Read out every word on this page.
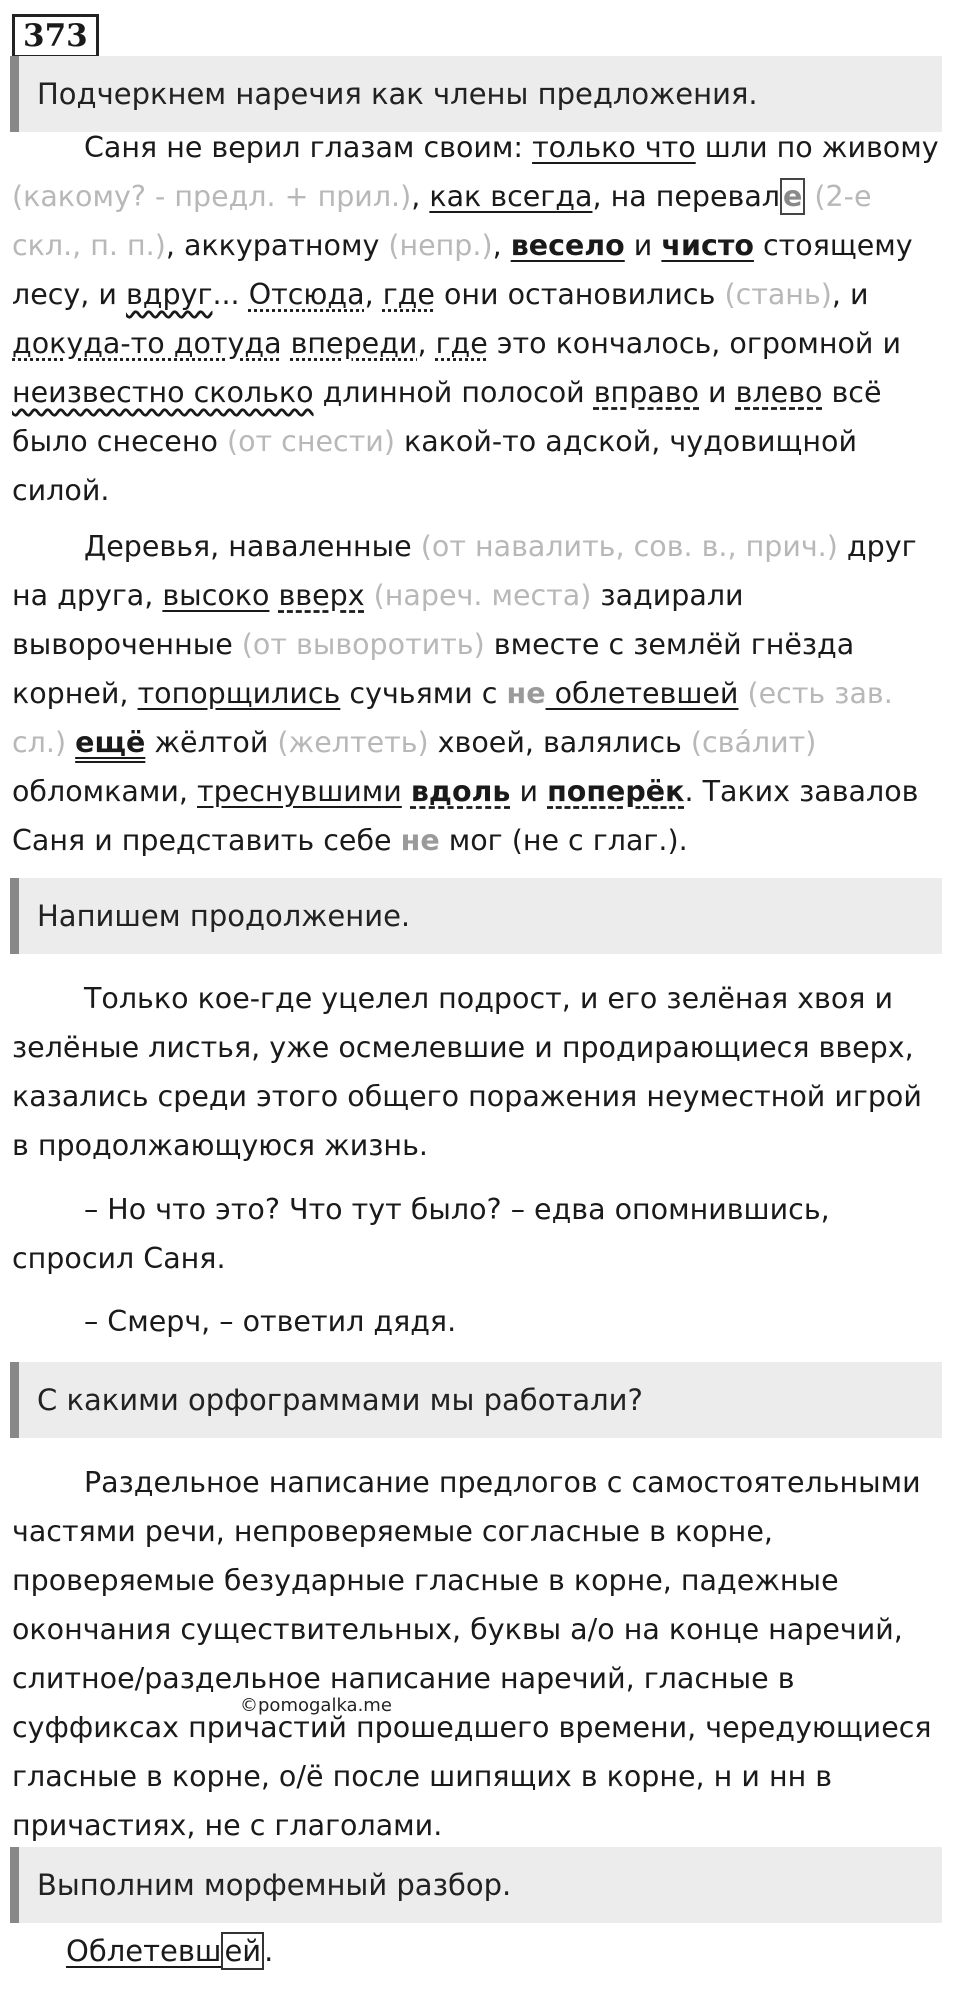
373
Подчеркнем наречия как члены предложения.

Саня не верил глазам своим: только что шли по живому (какому? - предл. + прил.), как всегда, на перевал е (2-е скл., п. п.), аккуратному (непр.), весело и чисто стоящему лесу, и вдруг... Отсюда, где они остановились (стань), и докуда-то дотуда впереди, где это кончалось, огромной и неизвестно сколько длинной полосой вправо и влево всё было снесено (от снести) какой-то адской, чудовищной силой.

Деревья, наваленные (от навалить, сов. в., прич.) друг на друга, высоко вверх (нареч. места) задирали вывороченные (от выворотить) вместе с землёй гнёзда корней, топорщились сучьями с не облетевшей (есть зав. сл.) ещё жёлтой (желтеть) хвоей, валялись (свáлит) обломками, треснувшими вдоль и поперёк. Таких завалов Саня и представить себе не мог (не с глаг.).

Напишем продолжение.

Только кое-где уцелел подрост, и его зелёная хвоя и зелёные листья, уже осмелевшие и продирающиеся вверх, казались среди этого общего поражения неуместной игрой в продолжающуюся жизнь.

– Но что это? Что тут было? – едва опомнившись, спросил Саня.

– Смерч, – ответил дядя.

С какими орфограммами мы работали?

Раздельное написание предлогов с самостоятельными частями речи, непроверяемые согласные в корне, проверяемые безударные гласные в корне, падежные окончания существительных, буквы а/о на конце наречий, слитное/раздельное написание наречий, гласные в суффиксах причастий прошедшего времени, чередующиеся гласные в корне, о/ё после шипящих в корне, н и нн в причастиях, не с глаголами.

©pomogalka.me
Выполним морфемный разбор.
Облетевш ей .
